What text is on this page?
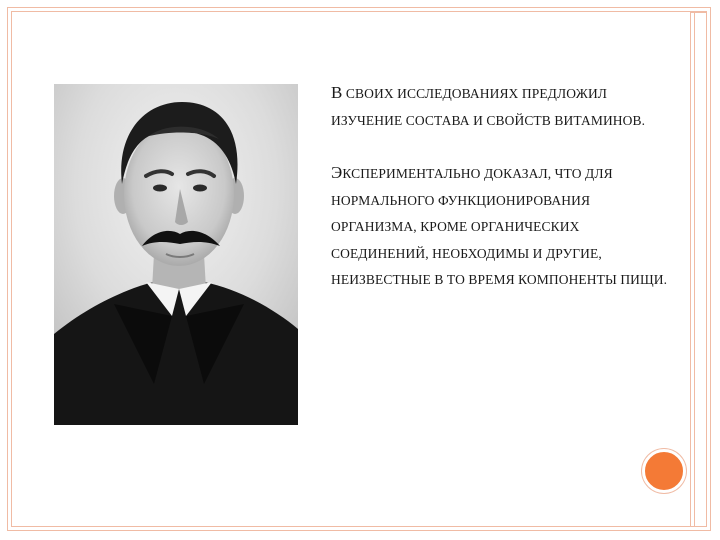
В СВОИХ ИССЛЕДОВАНИЯХ ПРЕДЛОЖИЛ ИЗУЧЕНИЕ СОСТАВА И СВОЙСТВ ВИТАМИНОВ.

ЭКСПЕРИМЕНТАЛЬНО ДОКАЗАЛ, ЧТО ДЛЯ НОРМАЛЬНОГО ФУНКЦИОНИРОВАНИЯ ОРГАНИЗМА, КРОМЕ ОРГАНИЧЕСКИХ СОЕДИНЕНИЙ, НЕОБХОДИМЫ И ДРУГИЕ, НЕИЗВЕСТНЫЕ В ТО ВРЕМЯ КОМПОНЕНТЫ ПИЩИ.
